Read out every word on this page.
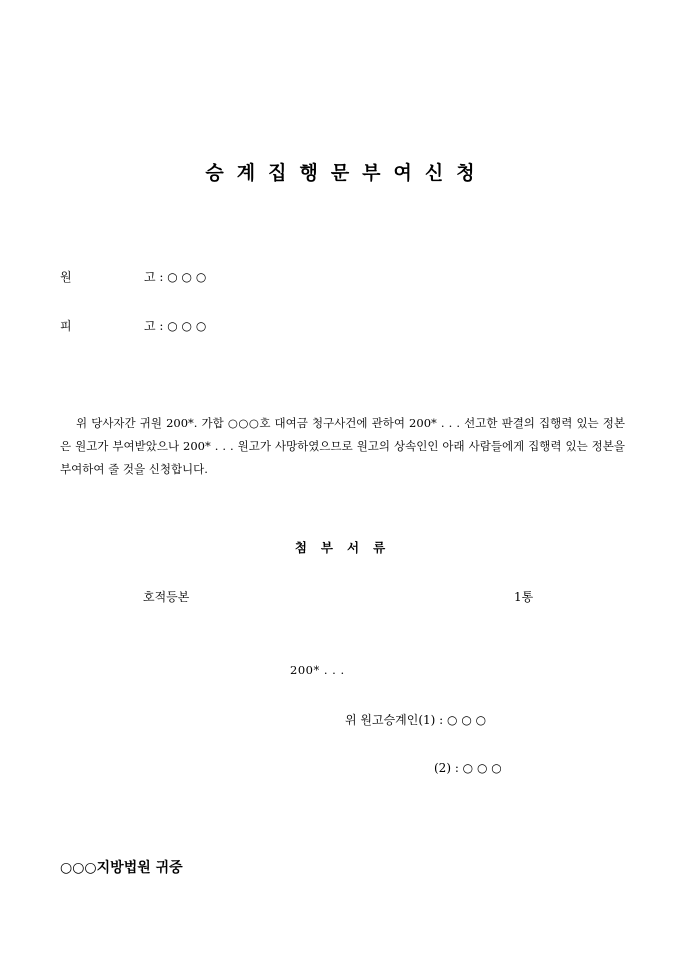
승계집행문부여신청
원	고 : ○ ○ ○
피	고 : ○ ○ ○
위 당사자간 귀원 200*. 가합 ○○○호 대여금 청구사건에 관하여 200* . . . 선고한 판결의 집행력 있는 정본은 원고가 부여받았으나 200* . . . 원고가 사망하였으므로 원고의 상속인인 아래 사람들에게 집행력 있는 정본을 부여하여 줄 것을 신청합니다.
첨부서류
호적등본	1통
200* . . .
위 원고승계인(1) : ○ ○ ○
(2) : ○ ○ ○
○○○지방법원 귀중
